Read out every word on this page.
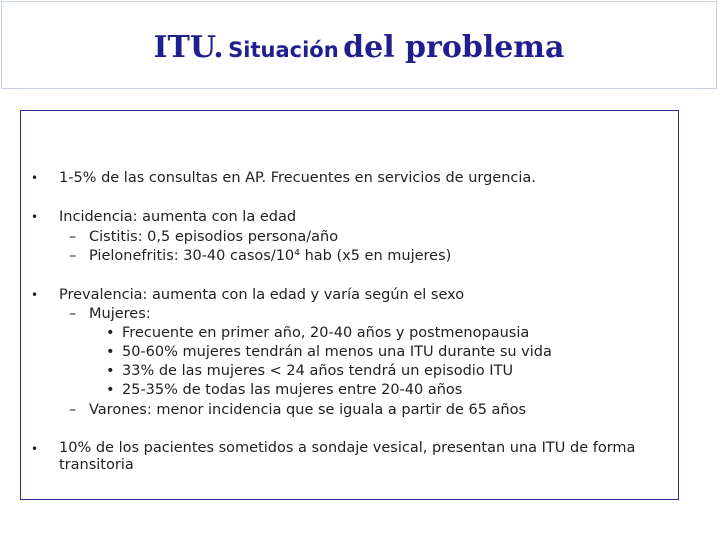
ITU. Situación del problema
• 1-5% de las consultas en AP. Frecuentes en servicios de urgencia.
• Incidencia: aumenta con la edad
– Cistitis: 0,5 episodios persona/año
– Pielonefritis: 30-40 casos/10⁴ hab (x5 en mujeres)
• Prevalencia: aumenta con la edad y varía según el sexo
– Mujeres:
• Frecuente en primer año, 20-40 años y postmenopausia
• 50-60% mujeres tendrán al menos una ITU durante su vida
• 33% de las mujeres < 24 años tendrá un episodio ITU
• 25-35% de todas las mujeres entre 20-40 años
– Varones: menor incidencia que se iguala a partir de 65 años
• 10% de los pacientes sometidos a sondaje vesical, presentan una ITU de forma transitoria
